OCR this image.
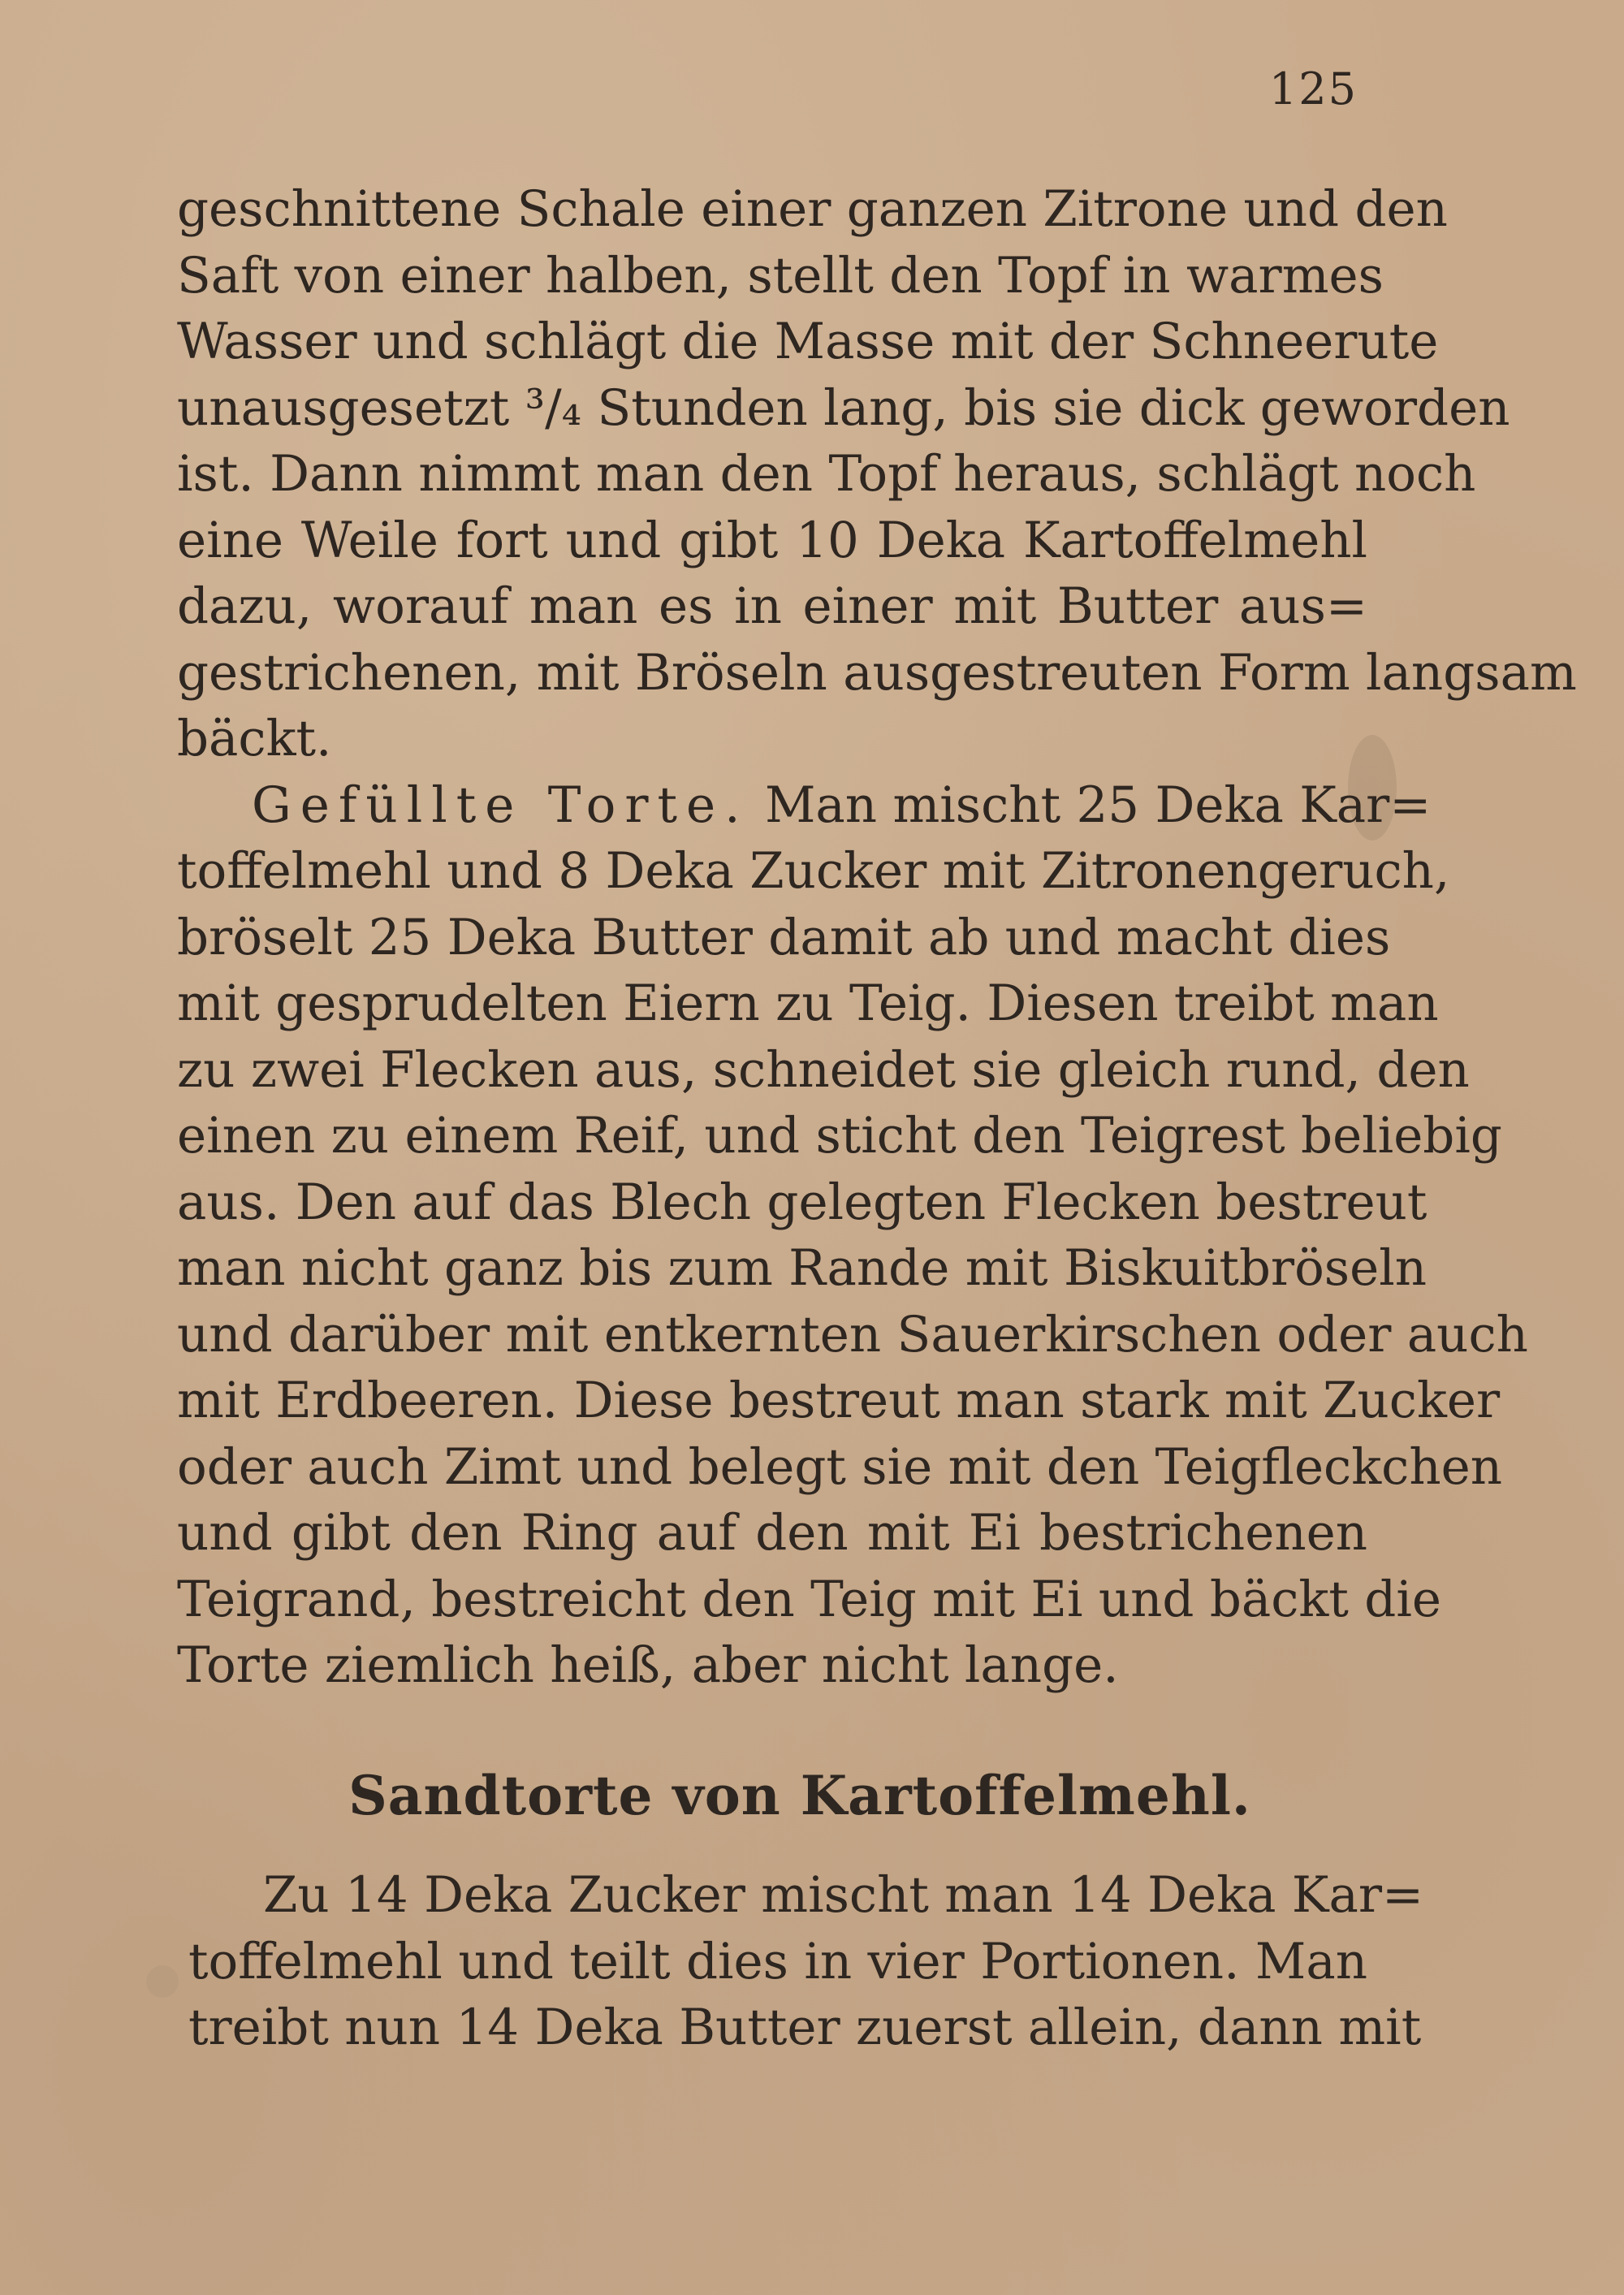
125
geschnittene Schale einer ganzen Zitrone und den
Saft von einer halben, stellt den Topf in warmes
Wasser und schlägt die Masse mit der Schneerute
unausgesetzt ³/₄ Stunden lang, bis sie dick geworden
ist. Dann nimmt man den Topf heraus, schlägt noch
eine Weile fort und gibt 10 Deka Kartoffelmehl
dazu, worauf man es in einer mit Butter aus=
gestrichenen, mit Bröseln ausgestreuten Form langsam
bäckt.
Gefüllte Torte. Man mischt 25 Deka Kar=
toffelmehl und 8 Deka Zucker mit Zitronengeruch,
bröselt 25 Deka Butter damit ab und macht dies
mit gesprudelten Eiern zu Teig. Diesen treibt man
zu zwei Flecken aus, schneidet sie gleich rund, den
einen zu einem Reif, und sticht den Teigrest beliebig
aus. Den auf das Blech gelegten Flecken bestreut
man nicht ganz bis zum Rande mit Biskuitbröseln
und darüber mit entkernten Sauerkirschen oder auch
mit Erdbeeren. Diese bestreut man stark mit Zucker
oder auch Zimt und belegt sie mit den Teigfleckchen
und gibt den Ring auf den mit Ei bestrichenen
Teigrand, bestreicht den Teig mit Ei und bäckt die
Torte ziemlich heiß, aber nicht lange.
Sandtorte von Kartoffelmehl.
Zu 14 Deka Zucker mischt man 14 Deka Kar=
toffelmehl und teilt dies in vier Portionen. Man
treibt nun 14 Deka Butter zuerst allein, dann mit
